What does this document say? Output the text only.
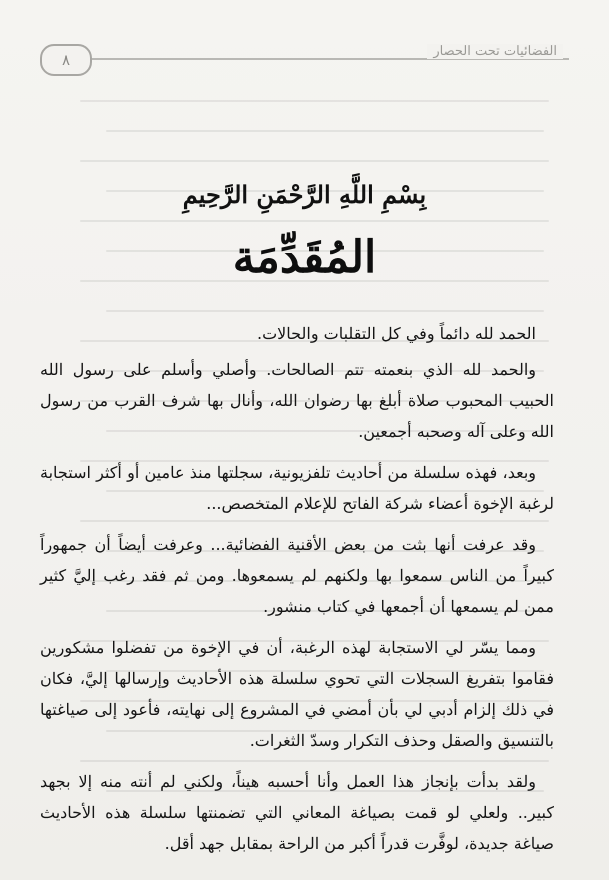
٨	الفضائيات تحت الحصار
بِسْمِ اللَّهِ الرَّحْمَنِ الرَّحِيمِ
المُقَدِّمَة

الحمد لله دائماً وفي كل التقلبات والحالات.

والحمد لله الذي بنعمته تتم الصالحات. وأصلي وأسلم على رسول الله الحبيب المحبوب صلاة أبلغ بها رضوان الله، وأنال بها شرف القرب من رسول الله وعلى آله وصحبه أجمعين.

وبعد، فهذه سلسلة من أحاديث تلفزيونية، سجلتها منذ عامين أو أكثر استجابة لرغبة الإخوة أعضاء شركة الفاتح للإعلام المتخصص...

وقد عرفت أنها بثت من بعض الأقنية الفضائية... وعرفت أيضاً أن جمهوراً كبيراً من الناس سمعوا بها ولكنهم لم يسمعوها. ومن ثم فقد رغب إليَّ كثير ممن لم يسمعها أن أجمعها في كتاب منشور.

ومما يسّر لي الاستجابة لهذه الرغبة، أن في الإخوة من تفضلوا مشكورين فقاموا بتفريغ السجلات التي تحوي سلسلة هذه الأحاديث وإرسالها إليَّ، فكان في ذلك إلزام أدبي لي بأن أمضي في المشروع إلى نهايته، فأعود إلى صياغتها بالتنسيق والصقل وحذف التكرار وسدّ الثغرات.

ولقد بدأت بإنجاز هذا العمل وأنا أحسبه هيناً، ولكني لم أنته منه إلا بجهد كبير.. ولعلي لو قمت بصياغة المعاني التي تضمنتها سلسلة هذه الأحاديث صياغة جديدة، لوفَّرت قدراً أكبر من الراحة بمقابل جهد أقل.
